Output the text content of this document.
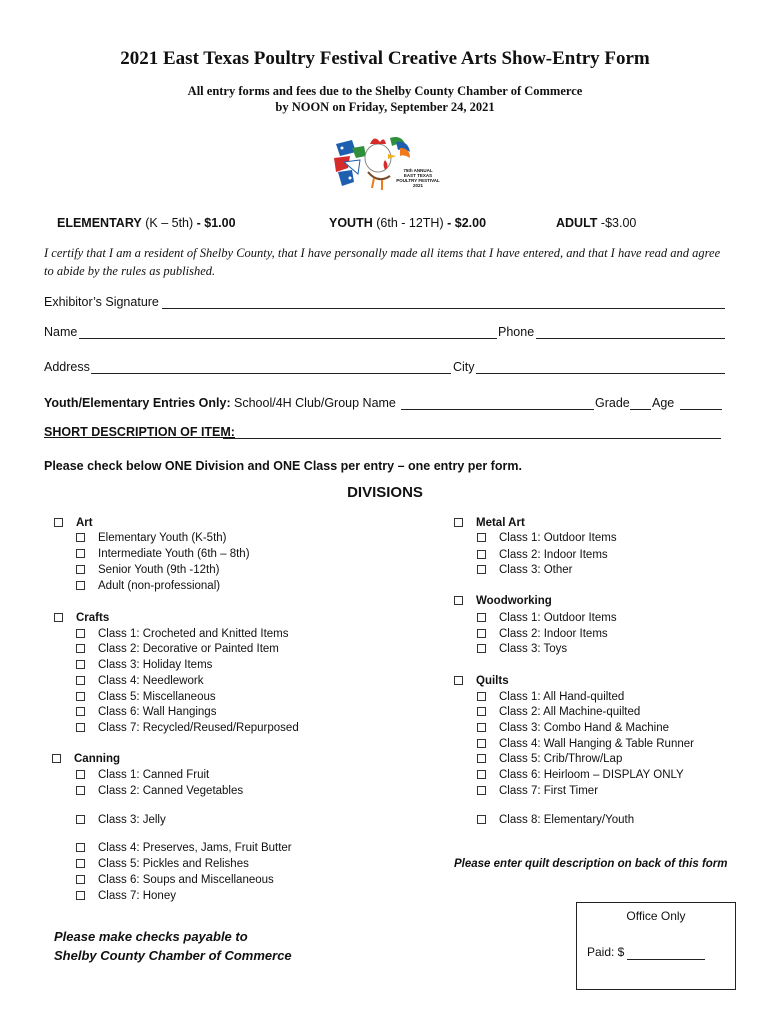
2021 East Texas Poultry Festival Creative Arts Show-Entry Form
All entry forms and fees due to the Shelby County Chamber of Commerce
by NOON on Friday, September 24, 2021
75th ANNUAL
EAST TEXAS
POULTRY FESTIVAL
2021
ELEMENTARY (K – 5th) - $1.00	YOUTH (6th - 12TH) - $2.00	ADULT -$3.00
I certify that I am a resident of Shelby County, that I have personally made all items that I have entered, and that I have read and agree to abide by the rules as published.
Exhibitor’s Signature
Name	Phone
Address	City
Youth/Elementary Entries Only: School/4H Club/Group Name	Grade Age
SHORT DESCRIPTION OF ITEM:
Please check below ONE Division and ONE Class per entry – one entry per form.
DIVISIONS
Art
Elementary Youth (K-5th)
Intermediate Youth (6th – 8th)
Senior Youth (9th -12th)
Adult (non-professional)
Crafts
Class 1: Crocheted and Knitted Items
Class 2: Decorative or Painted Item
Class 3: Holiday Items
Class 4: Needlework
Class 5: Miscellaneous
Class 6: Wall Hangings
Class 7: Recycled/Reused/Repurposed
Canning
Class 1: Canned Fruit
Class 2: Canned Vegetables
Class 3: Jelly
Class 4: Preserves, Jams, Fruit Butter
Class 5: Pickles and Relishes
Class 6: Soups and Miscellaneous
Class 7: Honey
Metal Art
Class 1: Outdoor Items
Class 2: Indoor Items
Class 3: Other
Woodworking
Class 1: Outdoor Items
Class 2: Indoor Items
Class 3: Toys
Quilts
Class 1: All Hand-quilted
Class 2: All Machine-quilted
Class 3: Combo Hand & Machine
Class 4: Wall Hanging & Table Runner
Class 5: Crib/Throw/Lap
Class 6: Heirloom – DISPLAY ONLY
Class 7: First Timer
Class 8: Elementary/Youth
Please enter quilt description on back of this form
Please make checks payable to
Shelby County Chamber of Commerce
Office Only
Paid: $
